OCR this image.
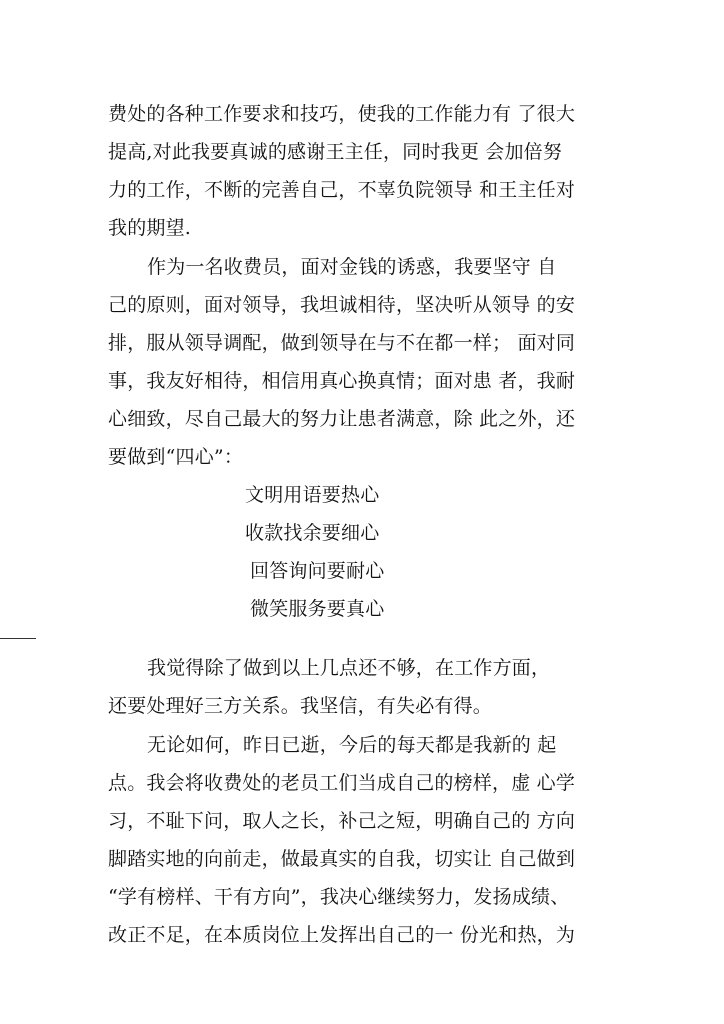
费处的各种工作要求和技巧，使我的工作能力有 了很大
提高,对此我要真诚的感谢王主任，同时我更 会加倍努
力的工作，不断的完善自己，不辜负院领导 和王主任对
我的期望.
作为一名收费员，面对金钱的诱惑，我要坚守 自
己的原则，面对领导，我坦诚相待，坚决听从领导 的安
排，服从领导调配，做到领导在与不在都一样； 面对同
事，我友好相待，相信用真心换真情；面对患 者，我耐
心细致，尽自己最大的努力让患者满意，除 此之外，还
要做到“四心”：
文明用语要热心
收款找余要细心
回答询问要耐心
微笑服务要真心
我觉得除了做到以上几点还不够，在工作方面，
还要处理好三方关系。我坚信，有失必有得。
无论如何，昨日已逝，今后的每天都是我新的 起
点。我会将收费处的老员工们当成自己的榜样，虚 心学
习，不耻下问，取人之长，补己之短，明确自己的 方向
脚踏实地的向前走，做最真实的自我，切实让 自己做到
“学有榜样、干有方向”，我决心继续努力，发扬成绩、
改正不足，在本质岗位上发挥出自己的一 份光和热，为
